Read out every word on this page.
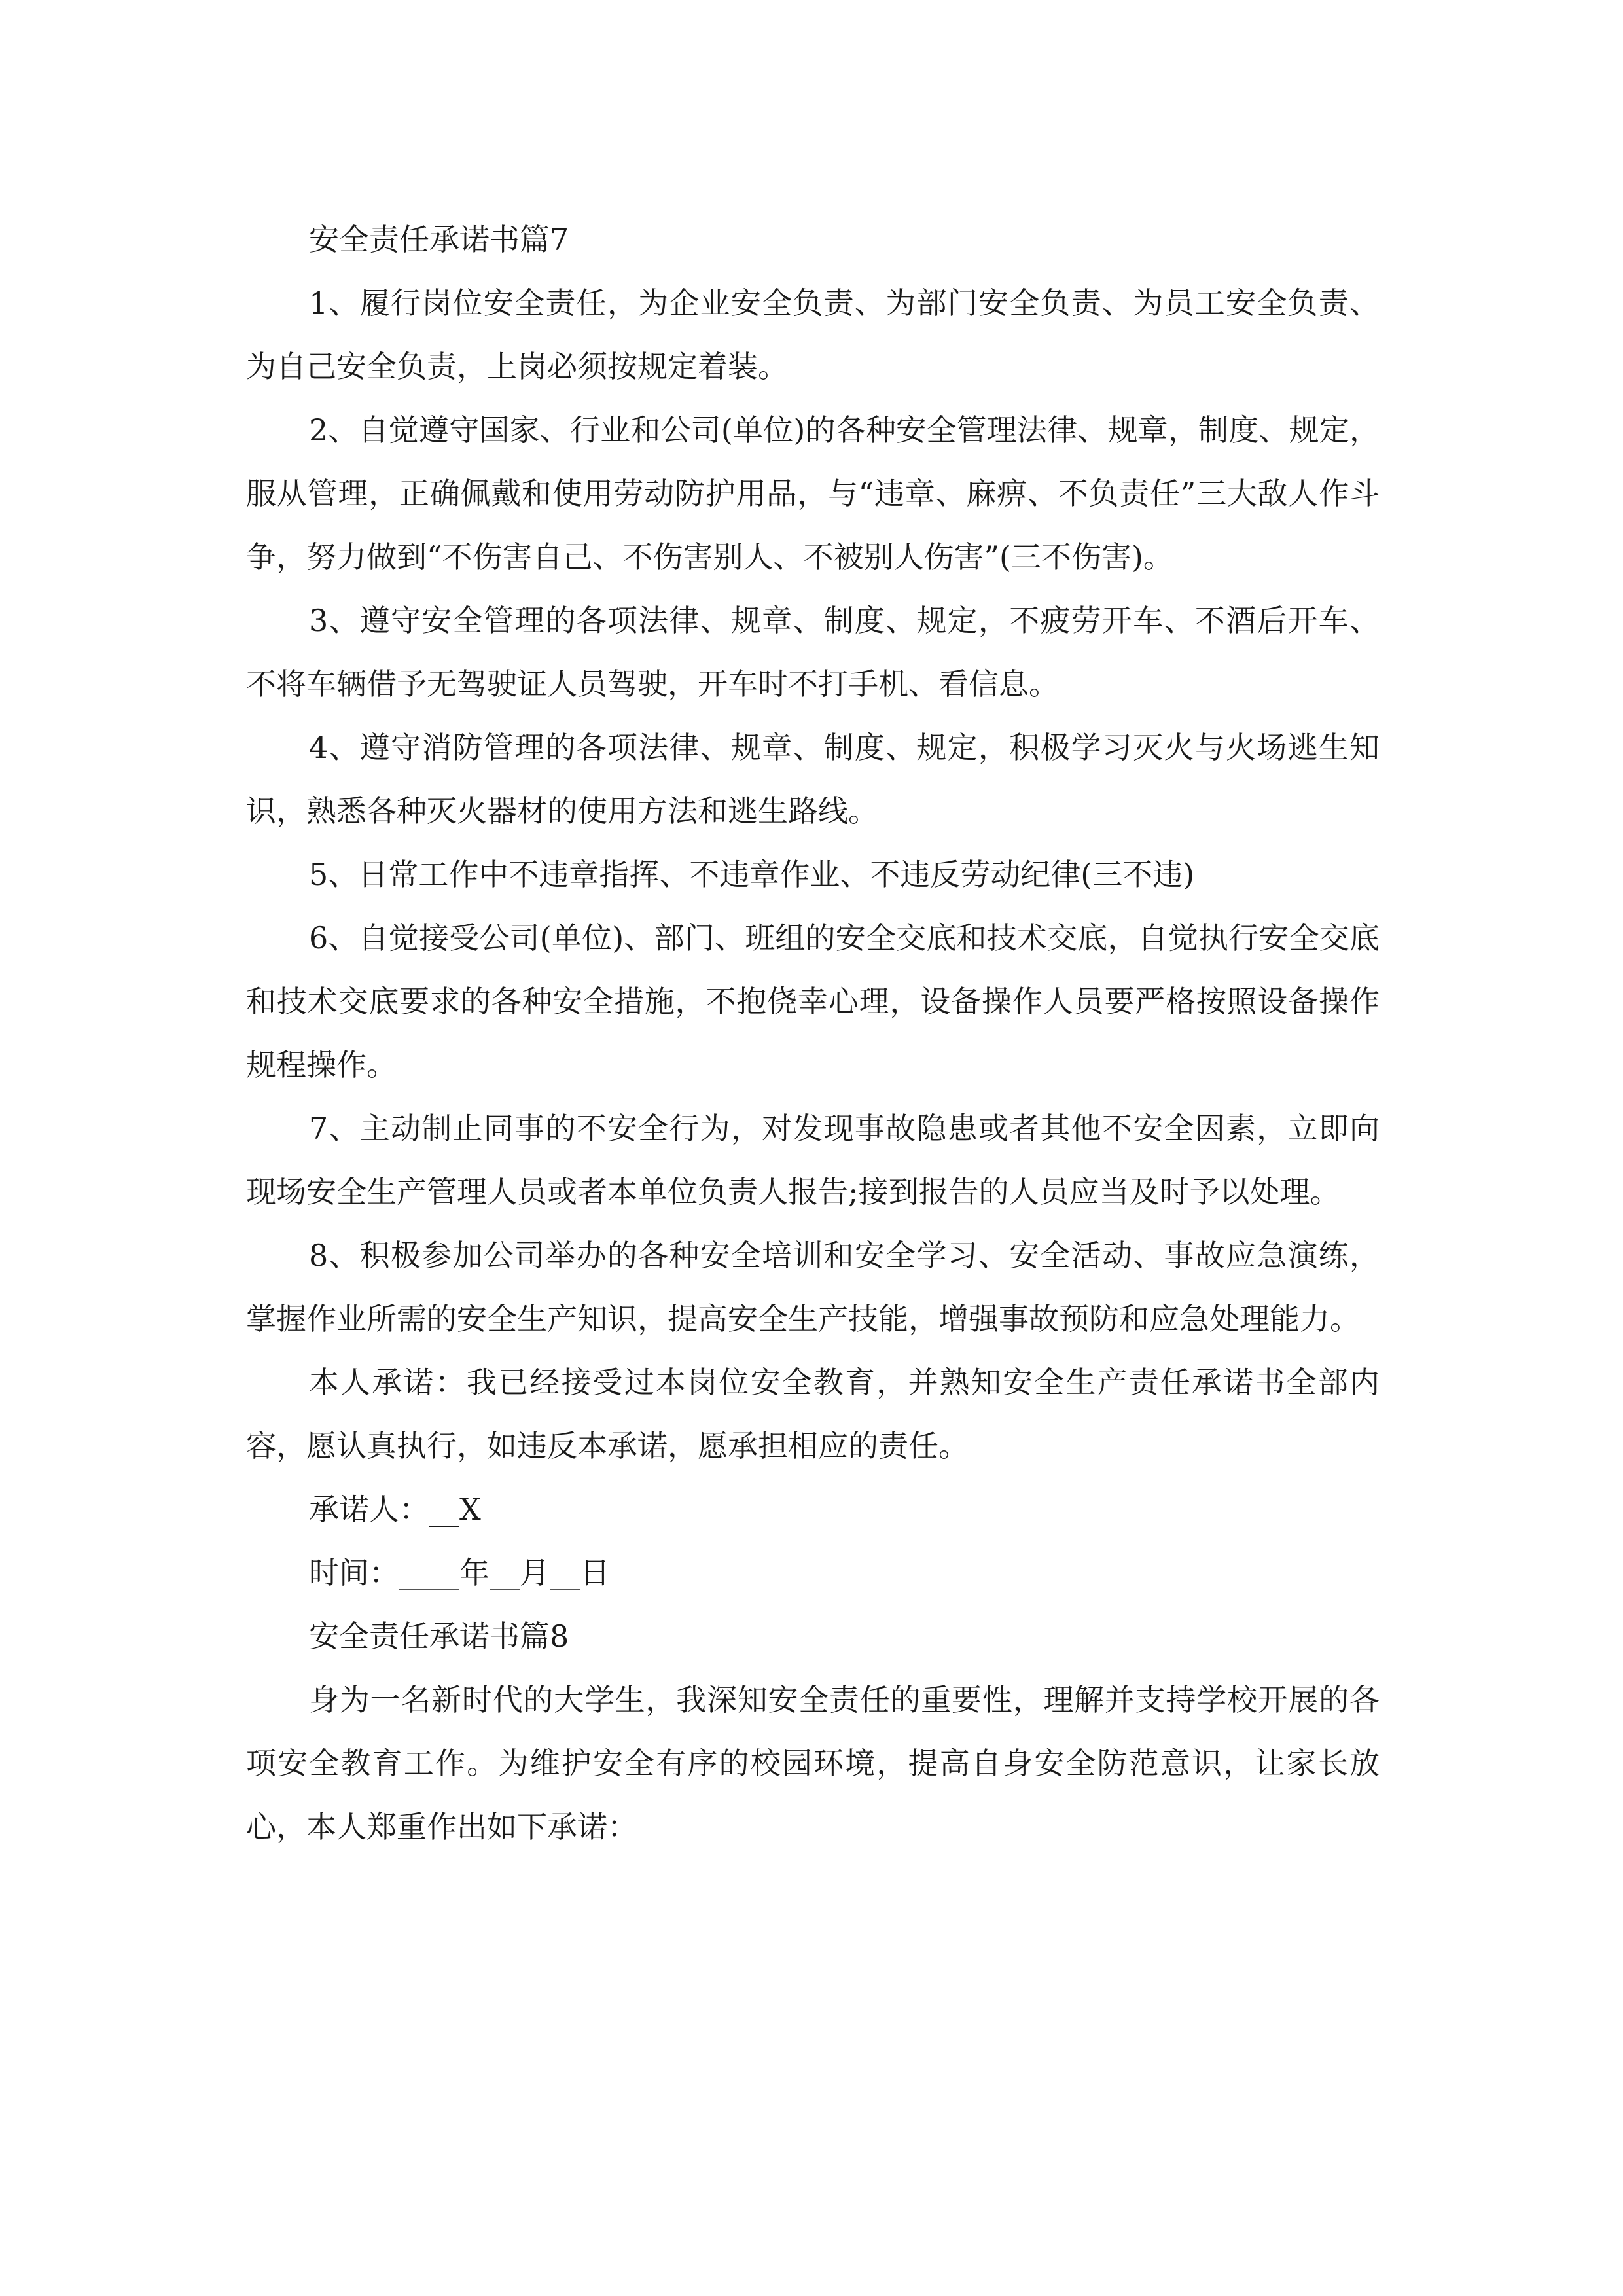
安全责任承诺书篇7

1、履行岗位安全责任，为企业安全负责、为部门安全负责、为员工安全负责、为自己安全负责，上岗必须按规定着装。

2、自觉遵守国家、行业和公司(单位)的各种安全管理法律、规章，制度、规定，服从管理，正确佩戴和使用劳动防护用品，与“违章、麻痹、不负责任”三大敌人作斗争，努力做到“不伤害自己、不伤害别人、不被别人伤害”(三不伤害)。

3、遵守安全管理的各项法律、规章、制度、规定，不疲劳开车、不酒后开车、不将车辆借予无驾驶证人员驾驶，开车时不打手机、看信息。

4、遵守消防管理的各项法律、规章、制度、规定，积极学习灭火与火场逃生知识，熟悉各种灭火器材的使用方法和逃生路线。

5、日常工作中不违章指挥、不违章作业、不违反劳动纪律(三不违)

6、自觉接受公司(单位)、部门、班组的安全交底和技术交底，自觉执行安全交底和技术交底要求的各种安全措施，不抱侥幸心理，设备操作人员要严格按照设备操作规程操作。

7、主动制止同事的不安全行为，对发现事故隐患或者其他不安全因素，立即向现场安全生产管理人员或者本单位负责人报告;接到报告的人员应当及时予以处理。

8、积极参加公司举办的各种安全培训和安全学习、安全活动、事故应急演练，掌握作业所需的安全生产知识，提高安全生产技能，增强事故预防和应急处理能力。

本人承诺：我已经接受过本岗位安全教育，并熟知安全生产责任承诺书全部内容，愿认真执行，如违反本承诺，愿承担相应的责任。

承诺人：__X

时间：____年__月__日

安全责任承诺书篇8

身为一名新时代的大学生，我深知安全责任的重要性，理解并支持学校开展的各项安全教育工作。为维护安全有序的校园环境，提高自身安全防范意识，让家长放心，本人郑重作出如下承诺：
